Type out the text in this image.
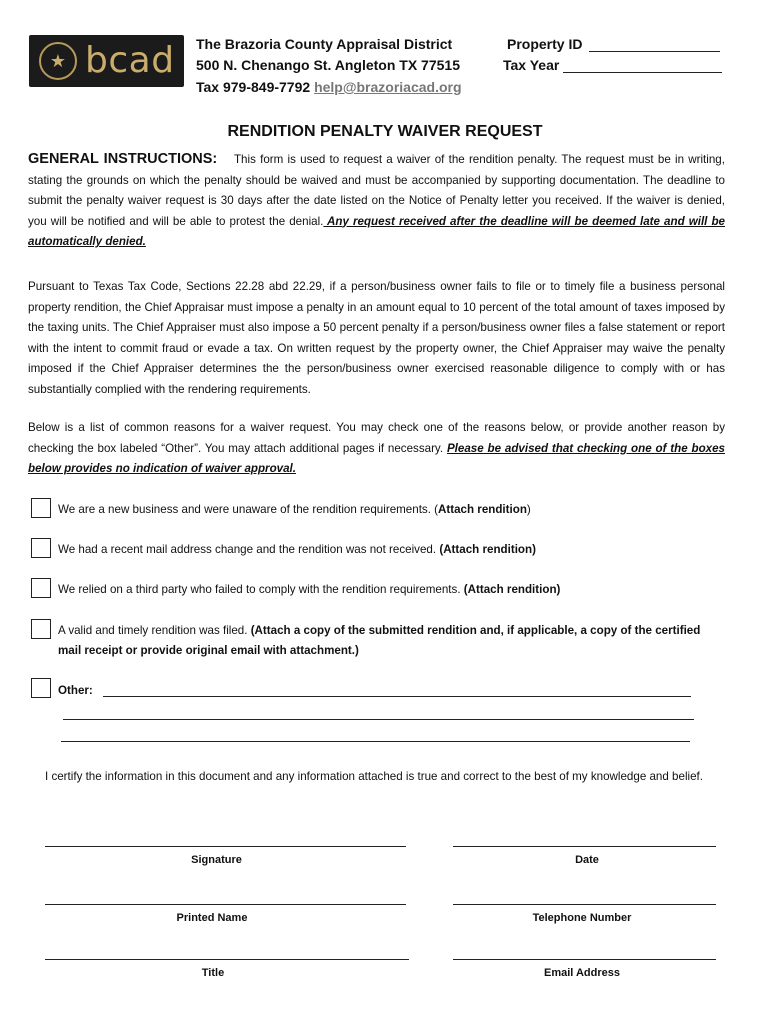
★ bcad The Brazoria County Appraisal District
500 N. Chenango St. Angleton TX 77515
Tax 979-849-7792 help@brazoriacad.org
Property ID
Tax Year
RENDITION PENALTY WAIVER REQUEST
GENERAL INSTRUCTIONS: This form is used to request a waiver of the rendition penalty. The request must be in writing, stating the grounds on which the penalty should be waived and must be accompanied by supporting documentation. The deadline to submit the penalty waiver request is 30 days after the date listed on the Notice of Penalty letter you received. If the waiver is denied, you will be notified and will be able to protest the denial. Any request received after the deadline will be deemed late and will be automatically denied.
Pursuant to Texas Tax Code, Sections 22.28 abd 22.29, if a person/business owner fails to file or to timely file a business personal property rendition, the Chief Appraisar must impose a penalty in an amount equal to 10 percent of the total amount of taxes imposed by the taxing units. The Chief Appraiser must also impose a 50 percent penalty if a person/business owner files a false statement or report with the intent to commit fraud or evade a tax. On written request by the property owner, the Chief Appraiser may waive the penalty imposed if the Chief Appraiser determines the the person/business owner exercised reasonable diligence to comply with or has substantially complied with the rendering requirements.
Below is a list of common reasons for a waiver request. You may check one of the reasons below, or provide another reason by checking the box labeled “Other”. You may attach additional pages if necessary. Please be advised that checking one of the boxes below provides no indication of waiver approval.
We are a new business and were unaware of the rendition requirements. (Attach rendition)
We had a recent mail address change and the rendition was not received. (Attach rendition)
We relied on a third party who failed to comply with the rendition requirements. (Attach rendition)
A valid and timely rendition was filed. (Attach a copy of the submitted rendition and, if applicable, a copy of the certified mail receipt or provide original email with attachment.)
Other:
I certify the information in this document and any information attached is true and correct to the best of my knowledge and belief.
Signature	Date
Printed Name	Telephone Number
Title	Email Address
